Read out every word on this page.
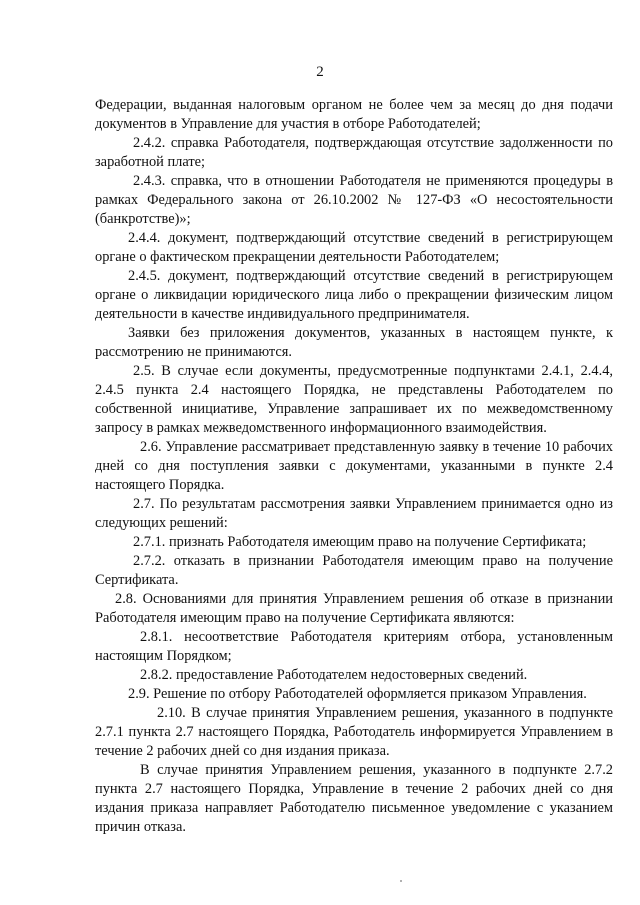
2

Федерации, выданная налоговым органом не более чем за месяц до дня подачи документов в Управление для участия в отборе Работодателей;

2.4.2. справка Работодателя, подтверждающая отсутствие задолженности по заработной плате;

2.4.3. справка, что в отношении Работодателя не применяются процедуры в рамках Федерального закона от 26.10.2002 № 127-ФЗ «О несостоятельности (банкротстве)»;

2.4.4. документ, подтверждающий отсутствие сведений в регистрирующем органе о фактическом прекращении деятельности Работодателем;

2.4.5. документ, подтверждающий отсутствие сведений в регистрирующем органе о ликвидации юридического лица либо о прекращении физическим лицом деятельности в качестве индивидуального предпринимателя.

Заявки без приложения документов, указанных в настоящем пункте, к рассмотрению не принимаются.

2.5. В случае если документы, предусмотренные подпунктами 2.4.1, 2.4.4, 2.4.5 пункта 2.4 настоящего Порядка, не представлены Работодателем по собственной инициативе, Управление запрашивает их по межведомственному запросу в рамках межведомственного информационного взаимодействия.

2.6. Управление рассматривает представленную заявку в течение 10 рабочих дней со дня поступления заявки с документами, указанными в пункте 2.4 настоящего Порядка.

2.7. По результатам рассмотрения заявки Управлением принимается одно из следующих решений:

2.7.1. признать Работодателя имеющим право на получение Сертификата;

2.7.2. отказать в признании Работодателя имеющим право на получение Сертификата.

2.8. Основаниями для принятия Управлением решения об отказе в признании Работодателя имеющим право на получение Сертификата являются:

2.8.1. несоответствие Работодателя критериям отбора, установленным настоящим Порядком;

2.8.2. предоставление Работодателем недостоверных сведений.

2.9. Решение по отбору Работодателей оформляется приказом Управления.

2.10. В случае принятия Управлением решения, указанного в подпункте 2.7.1 пункта 2.7 настоящего Порядка, Работодатель информируется Управлением в течение 2 рабочих дней со дня издания приказа.

В случае принятия Управлением решения, указанного в подпункте 2.7.2 пункта 2.7 настоящего Порядка, Управление в течение 2 рабочих дней со дня издания приказа направляет Работодателю письменное уведомление с указанием причин отказа.
